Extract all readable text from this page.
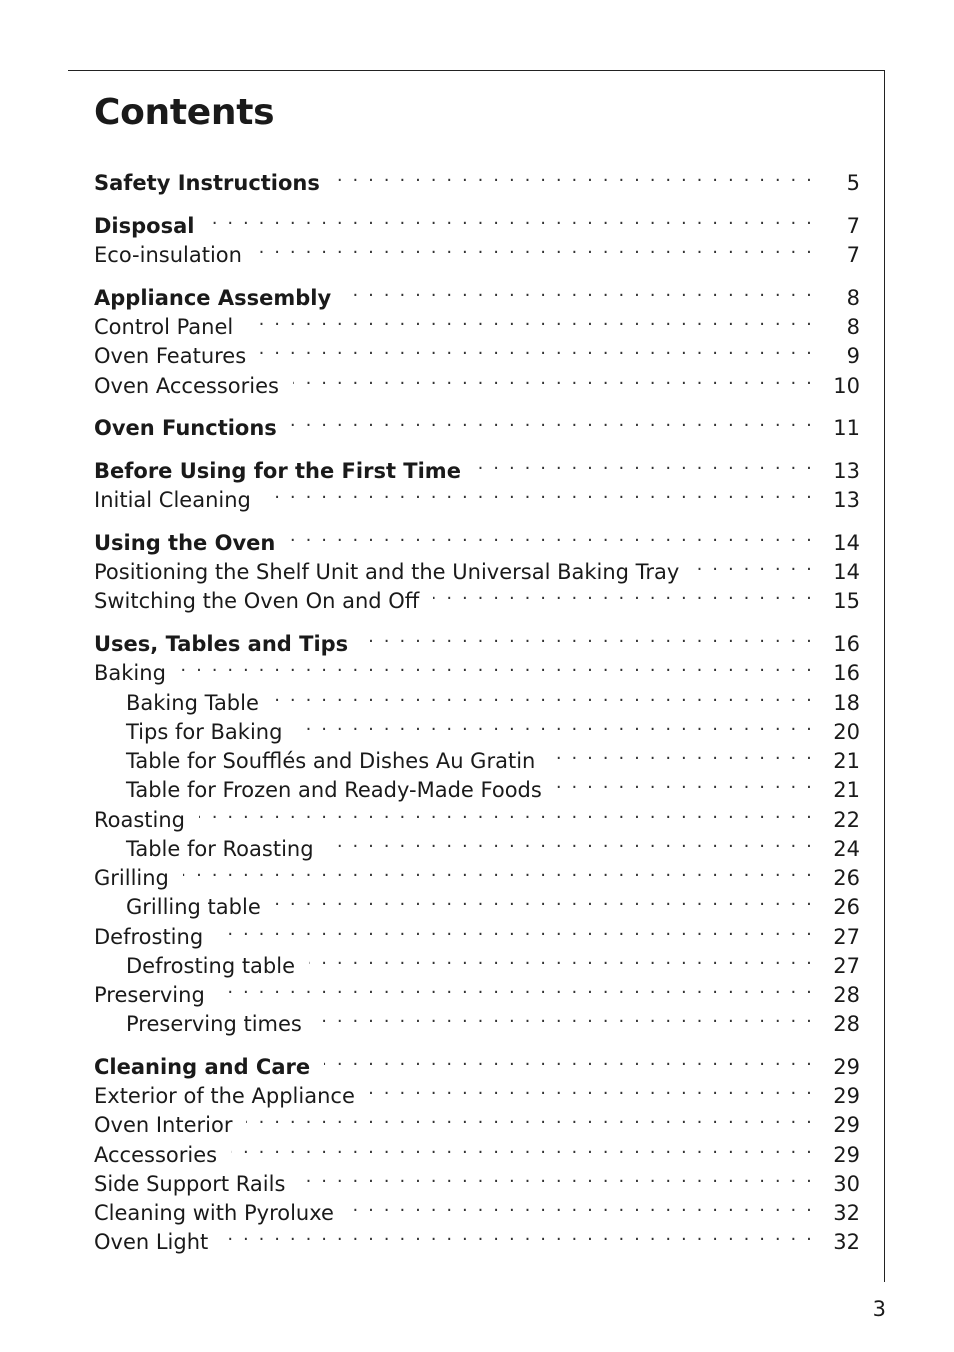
Contents
Safety Instructions . . .	5
Disposal . . .	7
Eco-insulation . . .	7
Appliance Assembly . . .	8
Control Panel . . .	8
Oven Features . . .	9
Oven Accessories . . .	10
Oven Functions . . .	11
Before Using for the First Time . . .	13
Initial Cleaning . . .	13
Using the Oven . . .	14
Positioning the Shelf Unit and the Universal Baking Tray . . .	14
Switching the Oven On and Off . . .	15
Uses, Tables and Tips . . .	16
Baking . . .	16
Baking Table . . .	18
Tips for Baking . . .	20
Table for Soufflés and Dishes Au Gratin . . .	21
Table for Frozen and Ready-Made Foods . . .	21
Roasting . . .	22
Table for Roasting . . .	24
Grilling . . .	26
Grilling table . . .	26
Defrosting . . .	27
Defrosting table . . .	27
Preserving . . .	28
Preserving times . . .	28
Cleaning and Care . . .	29
Exterior of the Appliance . . .	29
Oven Interior . . .	29
Accessories . . .	29
Side Support Rails . . .	30
Cleaning with Pyroluxe . . .	32
Oven Light . . .	32
3
